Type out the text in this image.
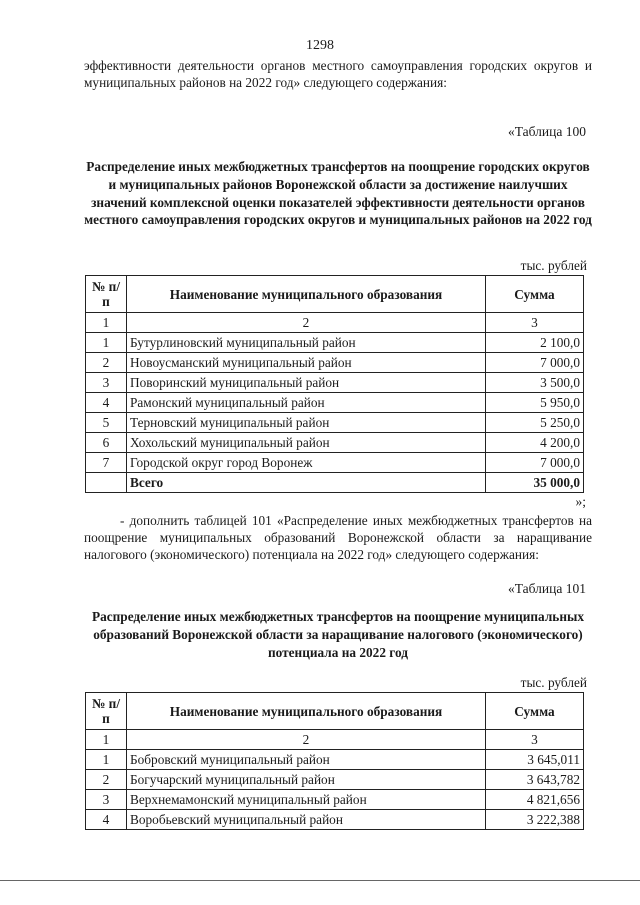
1298

эффективности деятельности органов местного самоуправления городских округов и муниципальных районов на 2022 год» следующего содержания:

«Таблица 100

Распределение иных межбюджетных трансфертов на поощрение городских округов и муниципальных районов Воронежской области за достижение наилучших значений комплексной оценки показателей эффективности деятельности органов местного самоуправления городских округов и муниципальных районов на 2022 год

тыс. рублей
№ п/п	Наименование муниципального образования	Сумма
1	2	3
1	Бутурлиновский муниципальный район	2 100,0
2	Новоусманский муниципальный район	7 000,0
3	Поворинский муниципальный район	3 500,0
4	Рамонский муниципальный район	5 950,0
5	Терновский муниципальный район	5 250,0
6	Хохольский муниципальный район	4 200,0
7	Городской округ город Воронеж	7 000,0
	Всего	35 000,0
»;

- дополнить таблицей 101 «Распределение иных межбюджетных трансфертов на поощрение муниципальных образований Воронежской области за наращивание налогового (экономического) потенциала на 2022 год» следующего содержания:

«Таблица 101

Распределение иных межбюджетных трансфертов на поощрение муниципальных образований Воронежской области за наращивание налогового (экономического) потенциала на 2022 год

тыс. рублей
№ п/п	Наименование муниципального образования	Сумма
1	2	3
1	Бобровский муниципальный район	3 645,011
2	Богучарский муниципальный район	3 643,782
3	Верхнемамонский муниципальный район	4 821,656
4	Воробьевский муниципальный район	3 222,388
